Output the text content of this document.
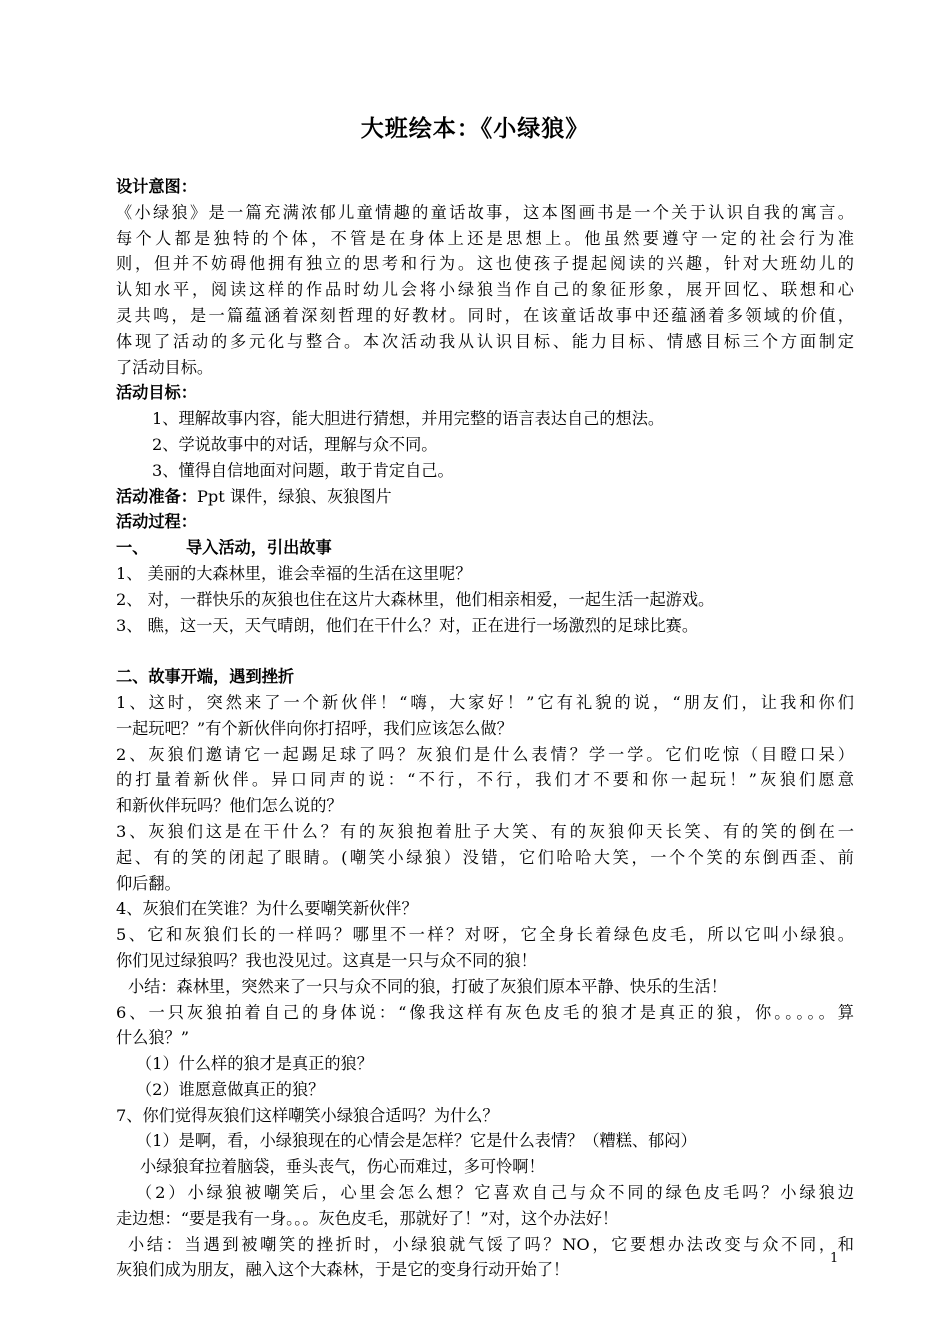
大班绘本：《小绿狼》
设计意图：
《小绿狼》是一篇充满浓郁儿童情趣的童话故事，这本图画书是一个关于认识自我的寓言。
每个人都是独特的个体，不管是在身体上还是思想上。他虽然要遵守一定的社会行为准
则，但并不妨碍他拥有独立的思考和行为。这也使孩子提起阅读的兴趣，针对大班幼儿的
认知水平，阅读这样的作品时幼儿会将小绿狼当作自己的象征形象，展开回忆、联想和心
灵共鸣，是一篇蕴涵着深刻哲理的好教材。同时，在该童话故事中还蕴涵着多领域的价值，
体现了活动的多元化与整合。本次活动我从认识目标、能力目标、情感目标三个方面制定
了活动目标。
活动目标：
1、理解故事内容，能大胆进行猜想，并用完整的语言表达自己的想法。
2、学说故事中的对话，理解与众不同。
3、懂得自信地面对问题，敢于肯定自己。
活动准备：Ppt 课件，绿狼、灰狼图片
活动过程：
一、 导入活动，引出故事
1、 美丽的大森林里，谁会幸福的生活在这里呢？
2、 对，一群快乐的灰狼也住在这片大森林里，他们相亲相爱，一起生活一起游戏。
3、 瞧，这一天，天气晴朗，他们在干什么？对，正在进行一场激烈的足球比赛。
二、故事开端，遇到挫折
1、这时，突然来了一个新伙伴！“嗨，大家好！”它有礼貌的说，“朋友们，让我和你们
一起玩吧？”有个新伙伴向你打招呼，我们应该怎么做？
2、灰狼们邀请它一起踢足球了吗？灰狼们是什么表情？学一学。它们吃惊（目瞪口呆）
的打量着新伙伴。异口同声的说：“不行，不行，我们才不要和你一起玩！”灰狼们愿意
和新伙伴玩吗？他们怎么说的？
3、灰狼们这是在干什么？有的灰狼抱着肚子大笑、有的灰狼仰天长笑、有的笑的倒在一
起、有的笑的闭起了眼睛。(嘲笑小绿狼）没错，它们哈哈大笑，一个个笑的东倒西歪、前
仰后翻。
4、灰狼们在笑谁？为什么要嘲笑新伙伴？
5、它和灰狼们长的一样吗？哪里不一样？对呀，它全身长着绿色皮毛，所以它叫小绿狼。
你们见过绿狼吗？我也没见过。这真是一只与众不同的狼！
小结：森林里，突然来了一只与众不同的狼，打破了灰狼们原本平静、快乐的生活！
6、一只灰狼拍着自己的身体说：“像我这样有灰色皮毛的狼才是真正的狼，你。。。。。算
什么狼？”
（1）什么样的狼才是真正的狼？
（2）谁愿意做真正的狼？
7、你们觉得灰狼们这样嘲笑小绿狼合适吗？为什么？
（1）是啊，看，小绿狼现在的心情会是怎样？它是什么表情？（糟糕、郁闷）
小绿狼耷拉着脑袋，垂头丧气，伤心而难过，多可怜啊！
（2）小绿狼被嘲笑后，心里会怎么想？它喜欢自己与众不同的绿色皮毛吗？小绿狼边
走边想：“要是我有一身。。。灰色皮毛，那就好了！”对，这个办法好！
小结：当遇到被嘲笑的挫折时，小绿狼就气馁了吗？NO，它要想办法改变与众不同，和
灰狼们成为朋友，融入这个大森林，于是它的变身行动开始了！
1
